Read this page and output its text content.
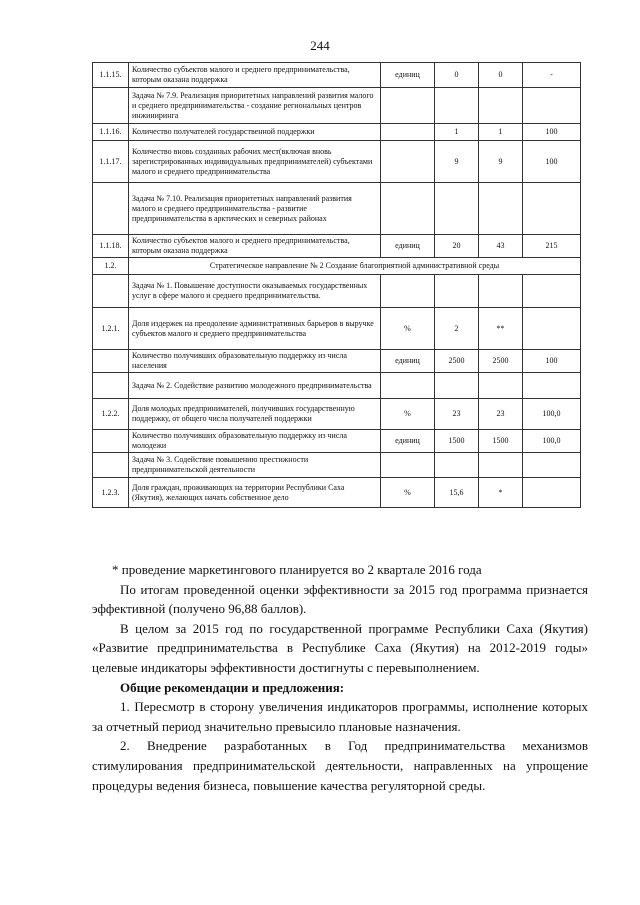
244
1.1.15.	Количество субъектов малого и среднего предпринимательства, которым оказана поддержка	единиц	0	0	-
	Задача № 7.9. Реализация приоритетных направлений развития малого и среднего предпринимательства - создание региональных центров инжиниринга				
1.1.16.	Количество получателей государственной поддержки		1	1	100
1.1.17.	Количество вновь созданных рабочих мест(включая вновь зарегистрированных индивидуальных предпринимателей) субъектами малого и среднего предпринимательства		9	9	100
	Задача № 7.10. Реализация приоритетных направлений развития малого и среднего предпринимательства - развитие предпринимательства в арктических и северных районах				
1.1.18.	Количество субъектов малого и среднего предпринимательства, которым оказана поддержка	единиц	20	43	215
1.2.	Стратегическое направление № 2 Создание благоприятной административной среды				
	Задача № 1. Повышение доступности оказываемых государственных услуг в сфере малого и среднего предпринимательства.				
1.2.1.	Доля издержек на преодоление административных барьеров в выручке субъектов малого и среднего предпринимательства	%	2	**	
	Количество получивших образовательную поддержку из числа населения	единиц	2500	2500	100
	Задача № 2. Содействие развитию молодежного предпринимательства				
1.2.2.	Доля молодых предпринимателей, получивших государственную поддержку, от общего числа получателей поддержки	%	23	23	100,0
	Количество получивших образовательную поддержку из числа молодежи	единиц	1500	1500	100,0
	Задача № 3. Содействие повышению престижности предпринимательской деятельности				
1.2.3.	Доля граждан, проживающих на территории Республики Саха (Якутия), желающих начать собственное дело	%	15,6	*	

* проведение маркетингового планируется во 2 квартале 2016 года

По итогам проведенной оценки эффективности за 2015 год программа признается эффективной (получено 96,88 баллов).

В целом за 2015 год по государственной программе Республики Саха (Якутия) «Развитие предпринимательства в Республике Саха (Якутия) на 2012-2019 годы» целевые индикаторы эффективности достигнуты с перевыполнением.

Общие рекомендации и предложения:

1. Пересмотр в сторону увеличения индикаторов программы, исполнение которых за отчетный период значительно превысило плановые назначения.

2. Внедрение разработанных в Год предпринимательства механизмов

стимулирования предпринимательской деятельности, направленных на упрощение процедуры ведения бизнеса, повышение качества регуляторной среды.
